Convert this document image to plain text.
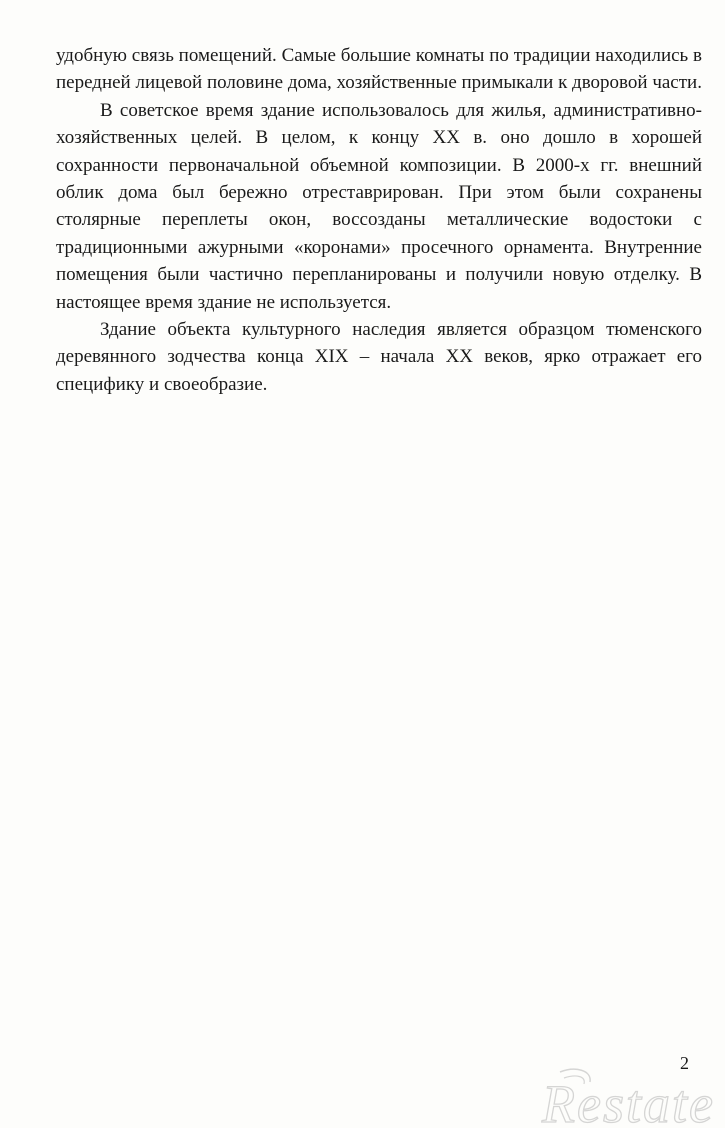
удобную связь помещений. Самые большие комнаты по традиции находились в передней лицевой половине дома, хозяйственные примыкали к дворовой части.

В советское время здание использовалось для жилья, административно-хозяйственных целей. В целом, к концу XX в. оно дошло в хорошей сохранности первоначальной объемной композиции. В 2000-х гг. внешний облик дома был бережно отреставрирован. При этом были сохранены столярные переплеты окон, воссозданы металлические водостоки с традиционными ажурными «коронами» просечного орнамента. Внутренние помещения были частично перепланированы и получили новую отделку. В настоящее время здание не используется.

Здание объекта культурного наследия является образцом тюменского деревянного зодчества конца XIX – начала XX веков, ярко отражает его специфику и своеобразие.

2
Restate
